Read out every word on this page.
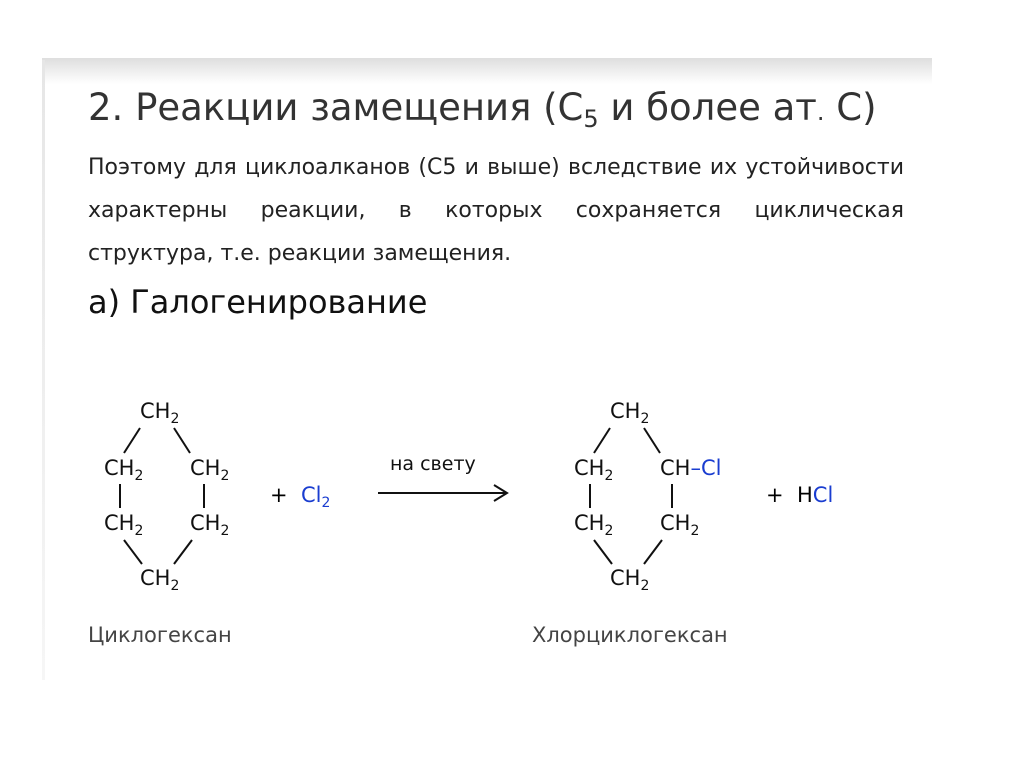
2. Реакции замещения ($С_5$ и более ат. С)
Поэтому для циклоалканов (С5 и выше) вследствие их устойчивости характерны реакции, в которых сохраняется циклическая структура, т.е. реакции замещения.
а) Галогенирование
$CH_2$
$CH_2$ $CH_2$
$CH_2$ $CH_2$
$CH_2$
+ $Cl_2$
на свету
$CH_2$
$CH_2$ CH–Cl
$CH_2$ $CH_2$
$CH_2$
+ HCl
Циклогексан	Хлорциклогексан
